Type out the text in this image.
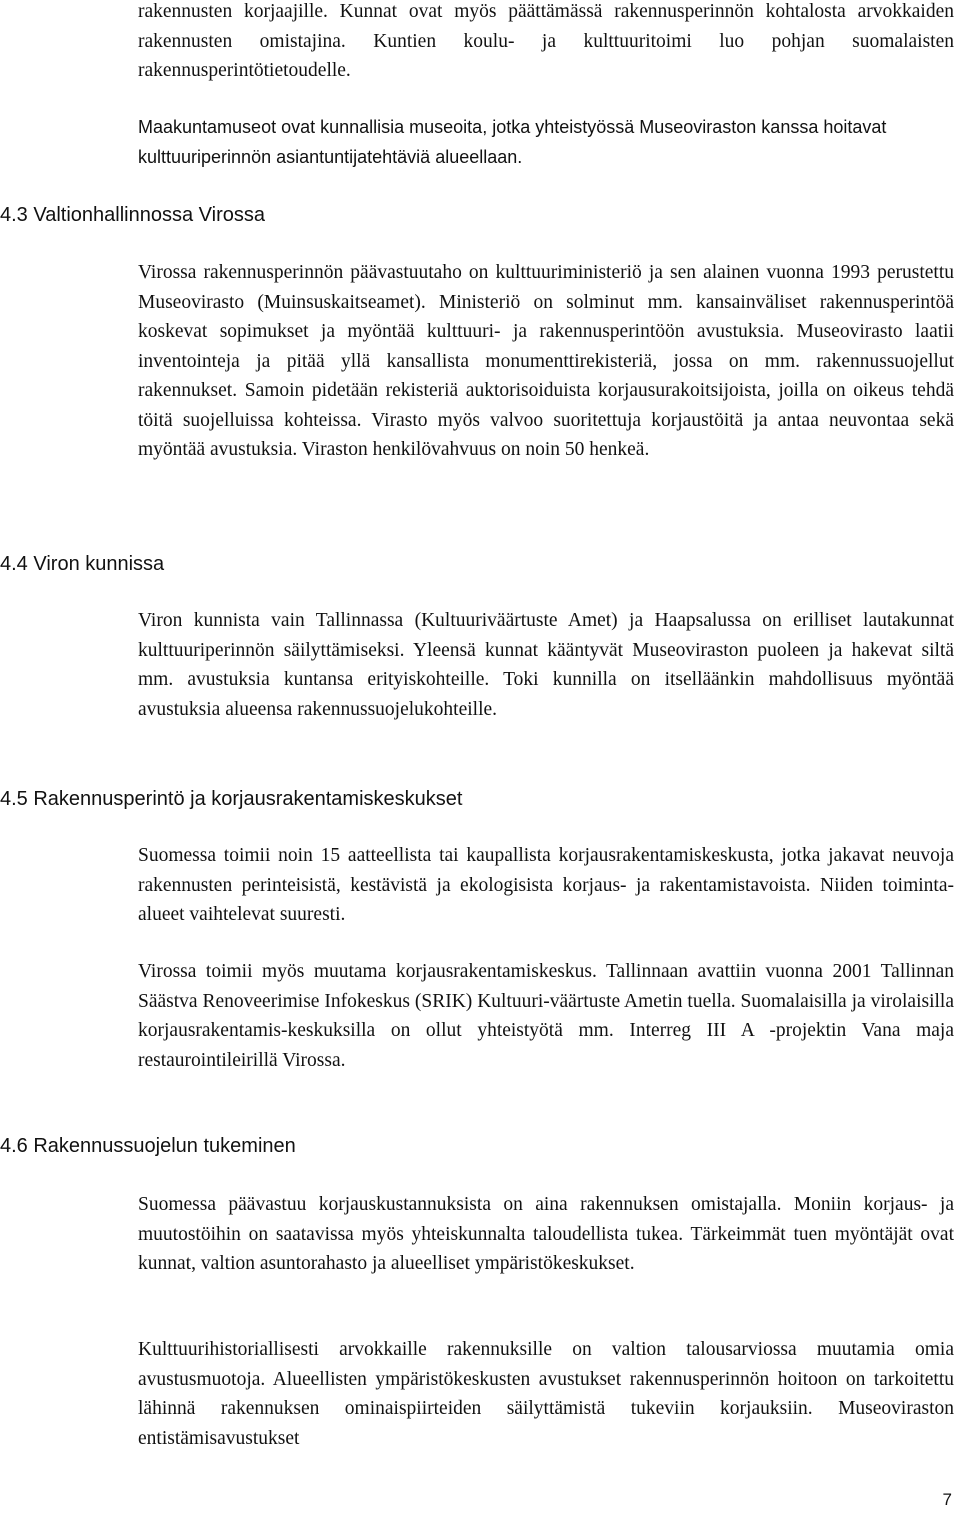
rakennusten korjaajille. Kunnat ovat myös päättämässä rakennusperinnön kohtalosta arvokkaiden rakennusten omistajina. Kuntien koulu- ja kulttuuritoimi luo pohjan suomalaisten rakennusperintötietoudelle.

Maakuntamuseot ovat kunnallisia museoita, jotka yhteistyössä Museoviraston kanssa hoitavat kulttuuriperinnön asiantuntijatehtäviä alueellaan.

4.3 Valtionhallinnossa Virossa

Virossa rakennusperinnön päävastuutaho on kulttuuriministeriö ja sen alainen vuonna 1993 perustettu Museovirasto (Muinsuskaitseamet). Ministeriö on solminut mm. kansainväliset rakennusperintöä koskevat sopimukset ja myöntää kulttuuri- ja rakennusperintöön avustuksia. Museovirasto laatii inventointeja ja pitää yllä kansallista monumenttirekisteriä, jossa on mm. rakennussuojellut rakennukset. Samoin pidetään rekisteriä auktorisoiduista korjausurakoitsijoista, joilla on oikeus tehdä töitä suojelluissa kohteissa. Virasto myös valvoo suoritettuja korjaustöitä ja antaa neuvontaa sekä myöntää avustuksia. Viraston henkilövahvuus on noin 50 henkeä.

4.4 Viron kunnissa

Viron kunnista vain Tallinnassa (Kultuuriväärtuste Amet) ja Haapsalussa on erilliset lautakunnat kulttuuriperinnön säilyttämiseksi. Yleensä kunnat kääntyvät Museoviraston puoleen ja hakevat siltä mm. avustuksia kuntansa erityiskohteille. Toki kunnilla on itselläänkin mahdollisuus myöntää avustuksia alueensa rakennussuojelukohteille.

4.5 Rakennusperintö ja korjausrakentamiskeskukset

Suomessa toimii noin 15 aatteellista tai kaupallista korjausrakentamiskeskusta, jotka jakavat neuvoja rakennusten perinteisistä, kestävistä ja ekologisista korjaus- ja rakentamistavoista. Niiden toiminta-alueet vaihtelevat suuresti.

Virossa toimii myös muutama korjausrakentamiskeskus. Tallinnaan avattiin vuonna 2001 Tallinnan Säästva Renoveerimise Infokeskus (SRIK) Kultuuri-väärtuste Ametin tuella. Suomalaisilla ja virolaisilla korjausrakentamis-keskuksilla on ollut yhteistyötä mm. Interreg III A -projektin Vana maja restaurointileirillä Virossa.

4.6 Rakennussuojelun tukeminen

Suomessa päävastuu korjauskustannuksista on aina rakennuksen omistajalla. Moniin korjaus- ja muutostöihin on saatavissa myös yhteiskunnalta taloudellista tukea. Tärkeimmät tuen myöntäjät ovat kunnat, valtion asuntorahasto ja alueelliset ympäristökeskukset.

Kulttuurihistoriallisesti arvokkaille rakennuksille on valtion talousarviossa muutamia omia avustusmuotoja. Alueellisten ympäristökeskusten avustukset rakennusperinnön hoitoon on tarkoitettu lähinnä rakennuksen ominaispiirteiden säilyttämistä tukeviin korjauksiin. Museoviraston entistämisavustukset

7
